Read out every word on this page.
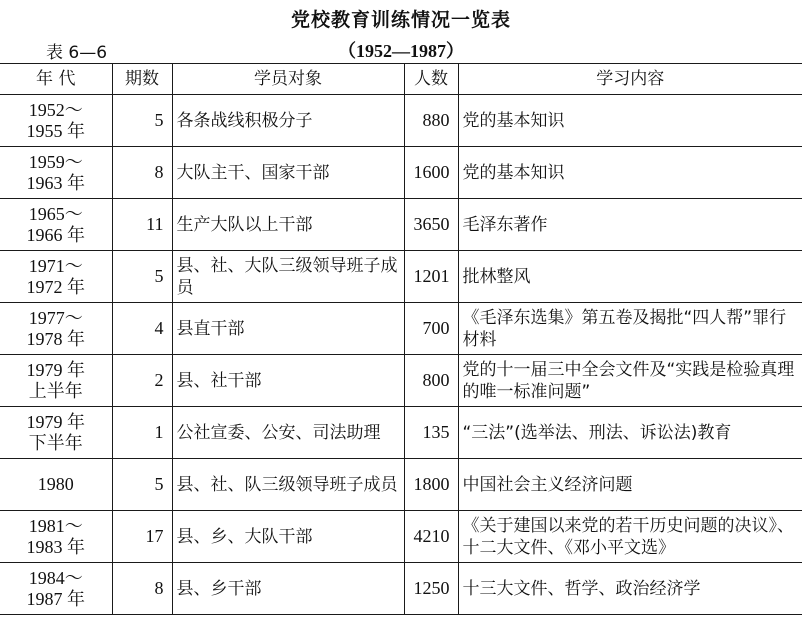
党校教育训练情况一览表
表 6—6	（1952—1987）
年 代	期数	学员对象	人数	学习内容

1952～
1955 年	5	各条战线积极分子	880	党的基本知识

1959～
1963 年	8	大队主干、国家干部	1600	党的基本知识

1965～
1966 年	11	生产大队以上干部	3650	毛泽东著作

1971～
1972 年	5	县、社、大队三级领导班子成员	1201	批林整风

1977～
1978 年	4	县直干部	700	《毛泽东选集》第五卷及揭批“四人帮”罪行材料

1979 年
上半年	2	县、社干部	800	党的十一届三中全会文件及“实践是检验真理的唯一标准问题”

1979 年
下半年	1	公社宣委、公安、司法助理	135	“三法”(选举法、刑法、诉讼法)教育

1980	5	县、社、队三级领导班子成员	1800	中国社会主义经济问题

1981～
1983 年	17	县、乡、大队干部	4210	《关于建国以来党的若干历史问题的决议》、十二大文件、《邓小平文选》

1984～
1987 年	8	县、乡干部	1250	十三大文件、哲学、政治经济学
